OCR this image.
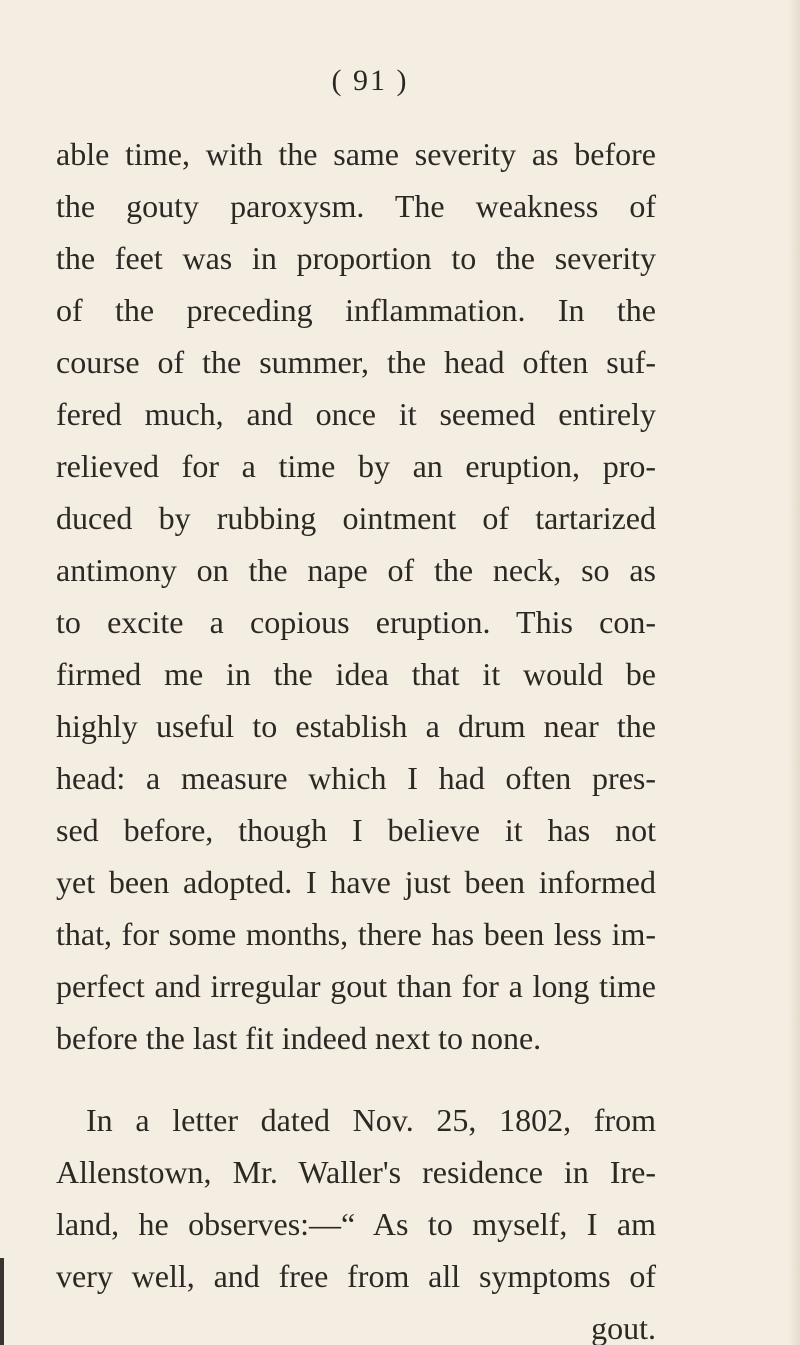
( 91 )
able time, with the same severity as before
the gouty paroxysm. The weakness of
the feet was in proportion to the severity
of the preceding inflammation. In the
course of the summer, the head often suf-
fered much, and once it seemed entirely
relieved for a time by an eruption, pro-
duced by rubbing ointment of tartarized
antimony on the nape of the neck, so as
to excite a copious eruption. This con-
firmed me in the idea that it would be
highly useful to establish a drum near the
head: a measure which I had often pres-
sed before, though I believe it has not
yet been adopted. I have just been informed
that, for some months, there has been less im-
perfect and irregular gout than for a long time
before the last fit indeed next to none.
In a letter dated Nov. 25, 1802, from
Allenstown, Mr. Waller's residence in Ire-
land, he observes:—“ As to myself, I am
very well, and free from all symptoms of
gout.
